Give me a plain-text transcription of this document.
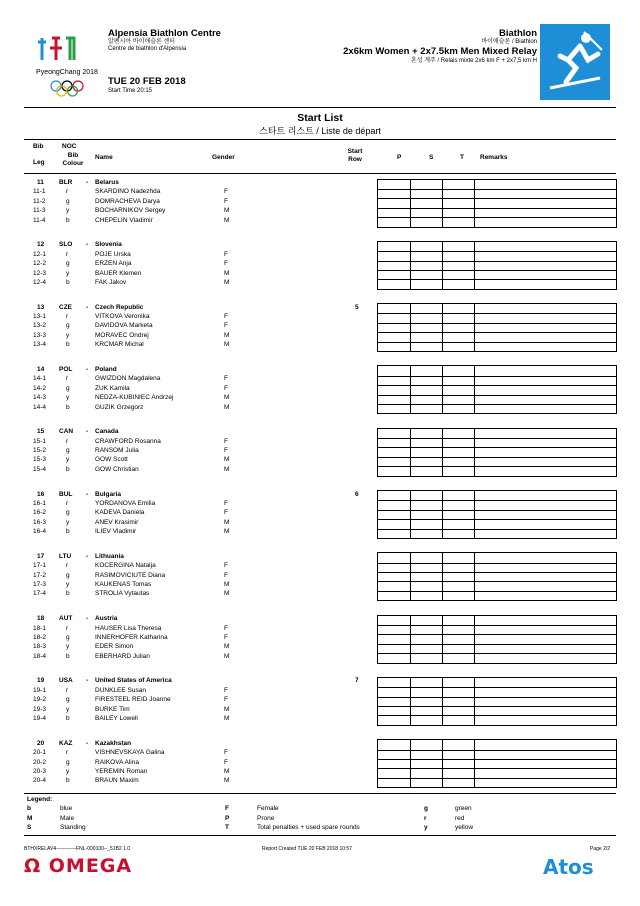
PyeongChang 2018
Alpensia Biathlon Centre
알펜시아 바이애슬론 센터
Centre de biathlon d'Alpensia
TUE 20 FEB 2018
Start Time 20:15
Biathlon
바이애슬론 / Biathlon
2x6km Women + 2x7.5km Men Mixed Relay
혼성 계주 / Relais mixte 2x6 km F + 2x7,5 km H
Start List
스타트 리스트 / Liste de départ
Bib
Leg
NOC
Bib Colour
Name	Gender
Start Row	P	S	T Remarks
11 BLR - Belarus
11-1	r	SKARDINO Nadezhda	F
11-2	g	DOMRACHEVA Darya	F
11-3	y	BOCHARNIKOV Sergey	M
11-4	b	CHEPELIN Vladimir	M
12 SLO - Slovenia
12-1	r	POJE Urska	F
12-2	g	ERZEN Anja	F
12-3	y	BAUER Klemen	M
12-4	b	FAK Jakov	M
13 CZE - Czech Republic	5
13-1	r	VITKOVA Veronika	F
13-2	g	DAVIDOVA Marketa	F
13-3	y	MORAVEC Ondrej	M
13-4	b	KRCMAR Michal	M
14 POL - Poland
14-1	r	GWIZDON Magdalena	F
14-2	g	ZUK Kamila	F
14-3	y	NEDZA-KUBINIEC Andrzej	M
14-4	b	GUZIK Grzegorz	M
15 CAN - Canada
15-1	r	CRAWFORD Rosanna	F
15-2	g	RANSOM Julia	F
15-3	y	GOW Scott	M
15-4	b	GOW Christian	M
16 BUL - Bulgaria	6
16-1	r	YORDANOVA Emilia	F
16-2	g	KADEVA Daniela	F
16-3	y	ANEV Krasimir	M
16-4	b	ILIEV Vladimir	M
17 LTU - Lithuania
17-1	r	KOCERGINA Natalja	F
17-2	g	RASIMOVICIUTE Diana	F
17-3	y	KAUKENAS Tomas	M
17-4	b	STROLIA Vytautas	M
18 AUT - Austria
18-1	r	HAUSER Lisa Theresa	F
18-2	g	INNERHOFER Katharina	F
18-3	y	EDER Simon	M
18-4	b	EBERHARD Julian	M
19 USA - United States of America	7
19-1	r	DUNKLEE Susan	F
19-2	g	FIRESTEEL REID Joanne	F
19-3	y	BURKE Tim	M
19-4	b	BAILEY Lowell	M
20 KAZ - Kazakhstan
20-1	r	VISHNEVSKAYA Galina	F
20-2	g	RAIKOVA Alina	F
20-3	y	YEREMIN Roman	M
20-4	b	BRAUN Maxim	M
Legend:
b	blue	F	Female	g	green
M	Male	P	Prone	r	red
S	Standing	T	Total penalties + used spare rounds	y	yellow
BTHXRELAV4------------FNL-000100--_51B2 1.0	Report Created TUE 20 FEB 2018 10:57	Page 2/2
Ω OMEGA	Atos
